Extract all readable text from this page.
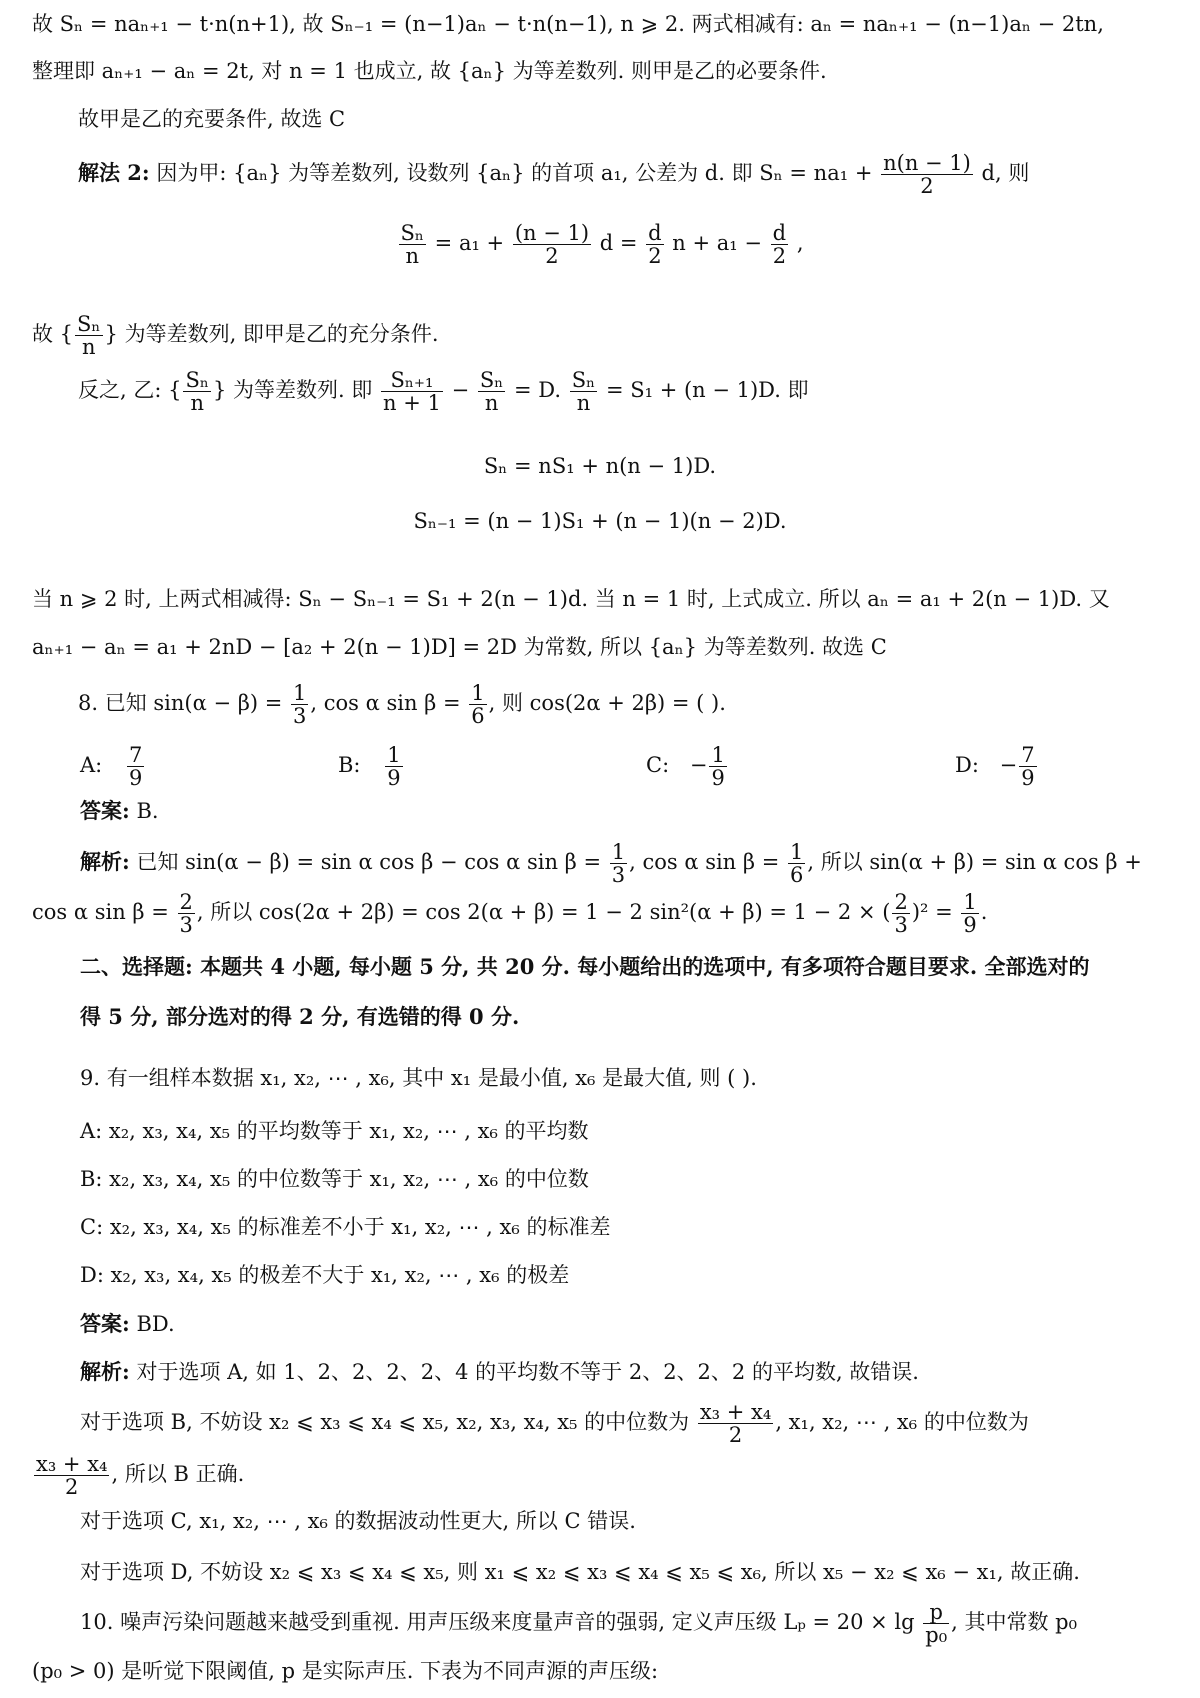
故 Sₙ = naₙ₊₁ − t·n(n+1), 故 Sₙ₋₁ = (n−1)aₙ − t·n(n−1), n ⩾ 2. 两式相减有: aₙ = naₙ₊₁ − (n−1)aₙ − 2tn,
整理即 aₙ₊₁ − aₙ = 2t, 对 n = 1 也成立, 故 {aₙ} 为等差数列. 则甲是乙的必要条件.
故甲是乙的充要条件, 故选 C
解法 2: 因为甲: {aₙ} 为等差数列, 设数列 {aₙ} 的首项 a₁, 公差为 d. 即 $S_n = na_1 + \frac{n(n - 1)}{2} d$, 则
$\frac{\text{Sₙ}}{n} = a_1 + \frac{(n - 1)}{2}$ $d = \frac{d}{2}$ $n + a_1 - \frac{d}{2}$ ,
故 { $\frac{\text{Sₙ}}{n}$ } 为等差数列, 即甲是乙的充分条件.
反之, 乙: { $\frac{\text{Sₙ}}{n}$ } 为等差数列. 即 $\frac{\text{Sₙ₊₁}}{n + 1} - \frac{\text{Sₙ}}{n} = D$. $\frac{\text{Sₙ}}{n} = S_1 + (n - 1)D$. 即
Sₙ = nS₁ + n(n − 1)D.
Sₙ₋₁ = (n − 1)S₁ + (n − 1)(n − 2)D.
当 n ⩾ 2 时, 上两式相减得: Sₙ − Sₙ₋₁ = S₁ + 2(n − 1)d. 当 n = 1 时, 上式成立. 所以 aₙ = a₁ + 2(n − 1)D. 又
aₙ₊₁ − aₙ = a₁ + 2nD − [a₂ + 2(n − 1)D] = 2D 为常数, 所以 {aₙ} 为等差数列. 故选 C
8. 已知 $\sin(\alpha - \beta) = \frac{1}{3}$ , cos α $\sin \beta = \frac{1}{6}$ , 则 cos(2α + 2β) = ( ).
A: $\frac{7}{9}$	B: $\frac{1}{9}$	C: − $\frac{1}{9}$	D: − $\frac{7}{9}$
答案: B.
解析: 已知 sin(α − β) = sin α cos β − cos α $\sin \beta = \frac{1}{3}$ , cos α $\sin \beta = \frac{1}{6}$ , 所以 sin(α + β) = sin α cos β +
cos α $\sin \beta = \frac{2}{3}$ , 所以 cos(2α + 2β) = cos 2(α + β) = 1 − 2 sin²(α + β) = 1 − 2 × ( $\frac{2}{3} )^2 = \frac{1}{9}$ .
二、选择题: 本题共 4 小题, 每小题 5 分, 共 20 分. 每小题给出的选项中, 有多项符合题目要求. 全部选对的
得 5 分, 部分选对的得 2 分, 有选错的得 0 分.
9. 有一组样本数据 x₁, x₂, ⋯ , x₆, 其中 x₁ 是最小值, x₆ 是最大值, 则 ( ).
A: x₂, x₃, x₄, x₅ 的平均数等于 x₁, x₂, ⋯ , x₆ 的平均数
B: x₂, x₃, x₄, x₅ 的中位数等于 x₁, x₂, ⋯ , x₆ 的中位数
C: x₂, x₃, x₄, x₅ 的标准差不小于 x₁, x₂, ⋯ , x₆ 的标准差
D: x₂, x₃, x₄, x₅ 的极差不大于 x₁, x₂, ⋯ , x₆ 的极差
答案: BD.
解析: 对于选项 A, 如 1、2、2、2、2、4 的平均数不等于 2、2、2、2 的平均数, 故错误.
对于选项 B, 不妨设 x₂ ⩽ x₃ ⩽ x₄ ⩽ x₅, x₂, x₃, x₄, x₅ 的中位数为 $\frac{\text{x₃ + x₄}}{2}$ , x₁, x₂, ⋯ , x₆ 的中位数为
$\frac{\text{x₃ + x₄}}{2}$ , 所以 B 正确.
对于选项 C, x₁, x₂, ⋯ , x₆ 的数据波动性更大, 所以 C 错误.
对于选项 D, 不妨设 x₂ ⩽ x₃ ⩽ x₄ ⩽ x₅, 则 x₁ ⩽ x₂ ⩽ x₃ ⩽ x₄ ⩽ x₅ ⩽ x₆, 所以 x₅ − x₂ ⩽ x₆ − x₁, 故正确.
10. 噪声污染问题越来越受到重视. 用声压级来度量声音的强弱, 定义声压级 $L_p = 20 \times \lg \frac{p}{\text{p₀}}$ , 其中常数 p₀
(p₀ > 0) 是听觉下限阈值, p 是实际声压. 下表为不同声源的声压级:
